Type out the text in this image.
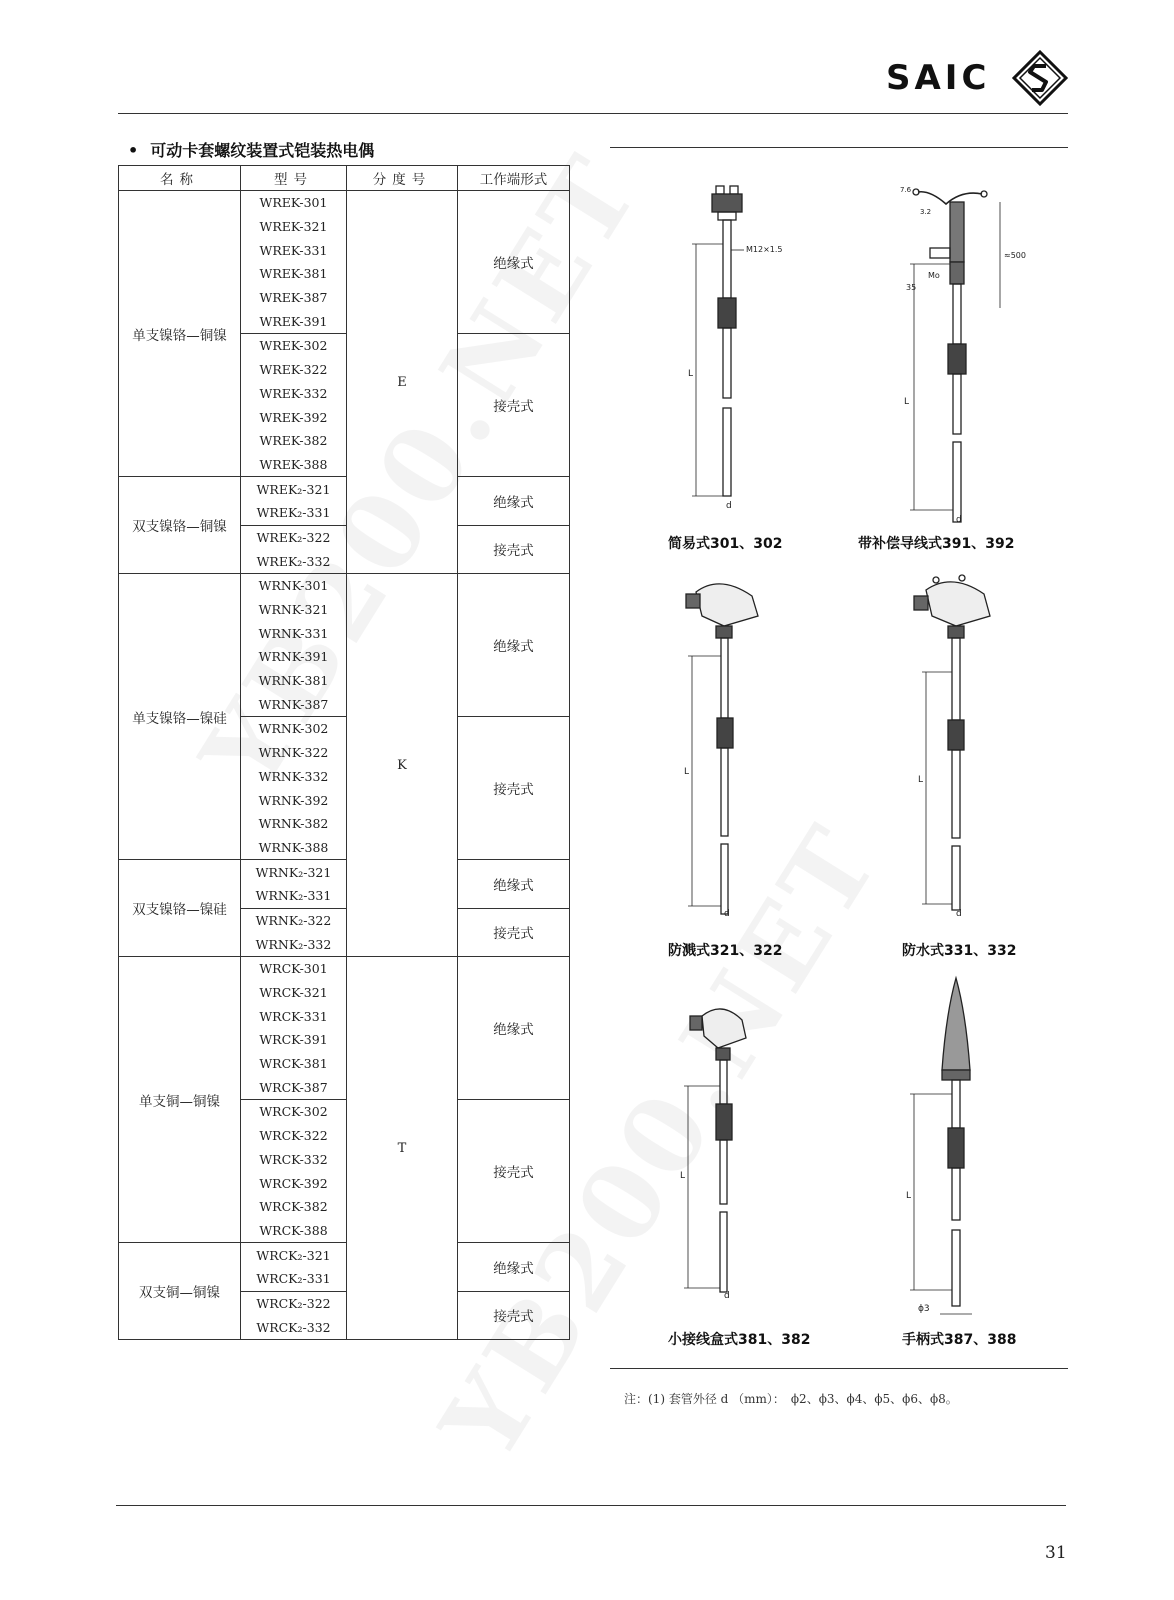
SAIC
• 可动卡套螺纹装置式铠装热电偶
名称	型号	分度号	工作端形式
单支镍铬—铜镍	WREK-301	E	绝缘式
	WREK-321		
	WREK-331		
	WREK-381		
	WREK-387		
	WREK-391		
	WREK-302		接壳式
	WREK-322		
	WREK-332		
	WREK-392		
	WREK-382		
	WREK-388		
双支镍铬—铜镍	WREK₂-321		绝缘式
	WREK₂-331		
	WREK₂-322		接壳式
	WREK₂-332		
单支镍铬—镍硅	WRNK-301	K	绝缘式
	WRNK-321		
	WRNK-331		
	WRNK-391		
	WRNK-381		
	WRNK-387		
	WRNK-302		接壳式
	WRNK-322		
	WRNK-332		
	WRNK-392		
	WRNK-382		
	WRNK-388		
双支镍铬—镍硅	WRNK₂-321		绝缘式
	WRNK₂-331		
	WRNK₂-322		接壳式
	WRNK₂-332		
单支铜—铜镍	WRCK-301	T	绝缘式
	WRCK-321		
	WRCK-331		
	WRCK-391		
	WRCK-381		
	WRCK-387		
	WRCK-302		接壳式
	WRCK-322		
	WRCK-332		
	WRCK-392		
	WRCK-382		
	WRCK-388		
双支铜—铜镍	WRCK₂-321		绝缘式
	WRCK₂-331		
	WRCK₂-322		接壳式
	WRCK₂-332		
M12×1.5
L
d
简易式301、302
7.6
3.2
≈500
Mo
35
L
d
带补偿导线式391、392
L
d
防溅式321、322
L
d
防水式331、332
L
d
小接线盒式381、382
L
ϕ3
手柄式387、388
注：(1) 套管外径 d （mm）：　ϕ2、ϕ3、ϕ4、ϕ5、ϕ6、ϕ8。
31
